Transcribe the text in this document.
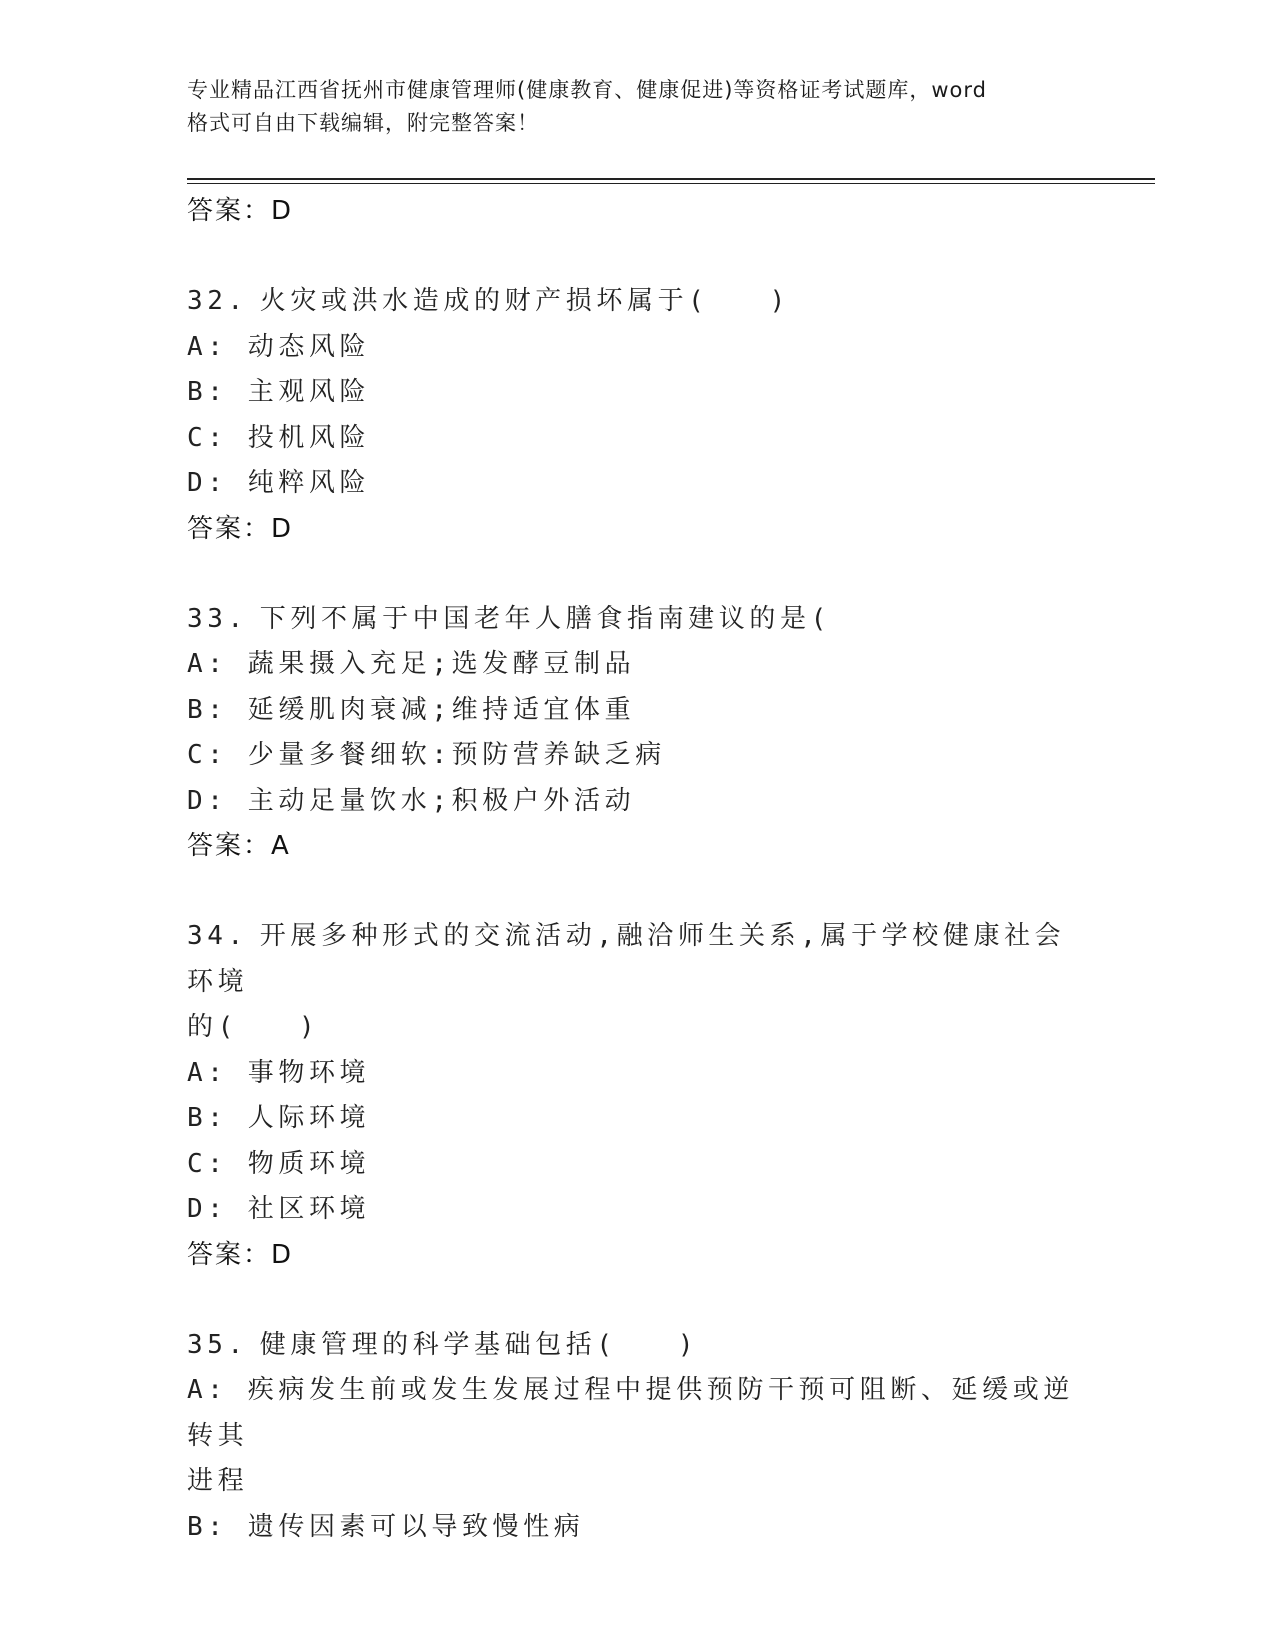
专业精品江西省抚州市健康管理师(健康教育、健康促进)等资格证考试题库，word
格式可自由下载编辑，附完整答案！
答案：D
32. 火灾或洪水造成的财产损坏属于(　　)
A: 动态风险
B: 主观风险
C: 投机风险
D: 纯粹风险
答案：D
33. 下列不属于中国老年人膳食指南建议的是(
A: 蔬果摄入充足;选发酵豆制品
B: 延缓肌肉衰减;维持适宜体重
C: 少量多餐细软:预防营养缺乏病
D: 主动足量饮水;积极户外活动
答案：A
34. 开展多种形式的交流活动,融洽师生关系,属于学校健康社会环境
的(　　)
A: 事物环境
B: 人际环境
C: 物质环境
D: 社区环境
答案：D
35. 健康管理的科学基础包括(　　)
A: 疾病发生前或发生发展过程中提供预防干预可阻断、延缓或逆转其
进程
B: 遗传因素可以导致慢性病
